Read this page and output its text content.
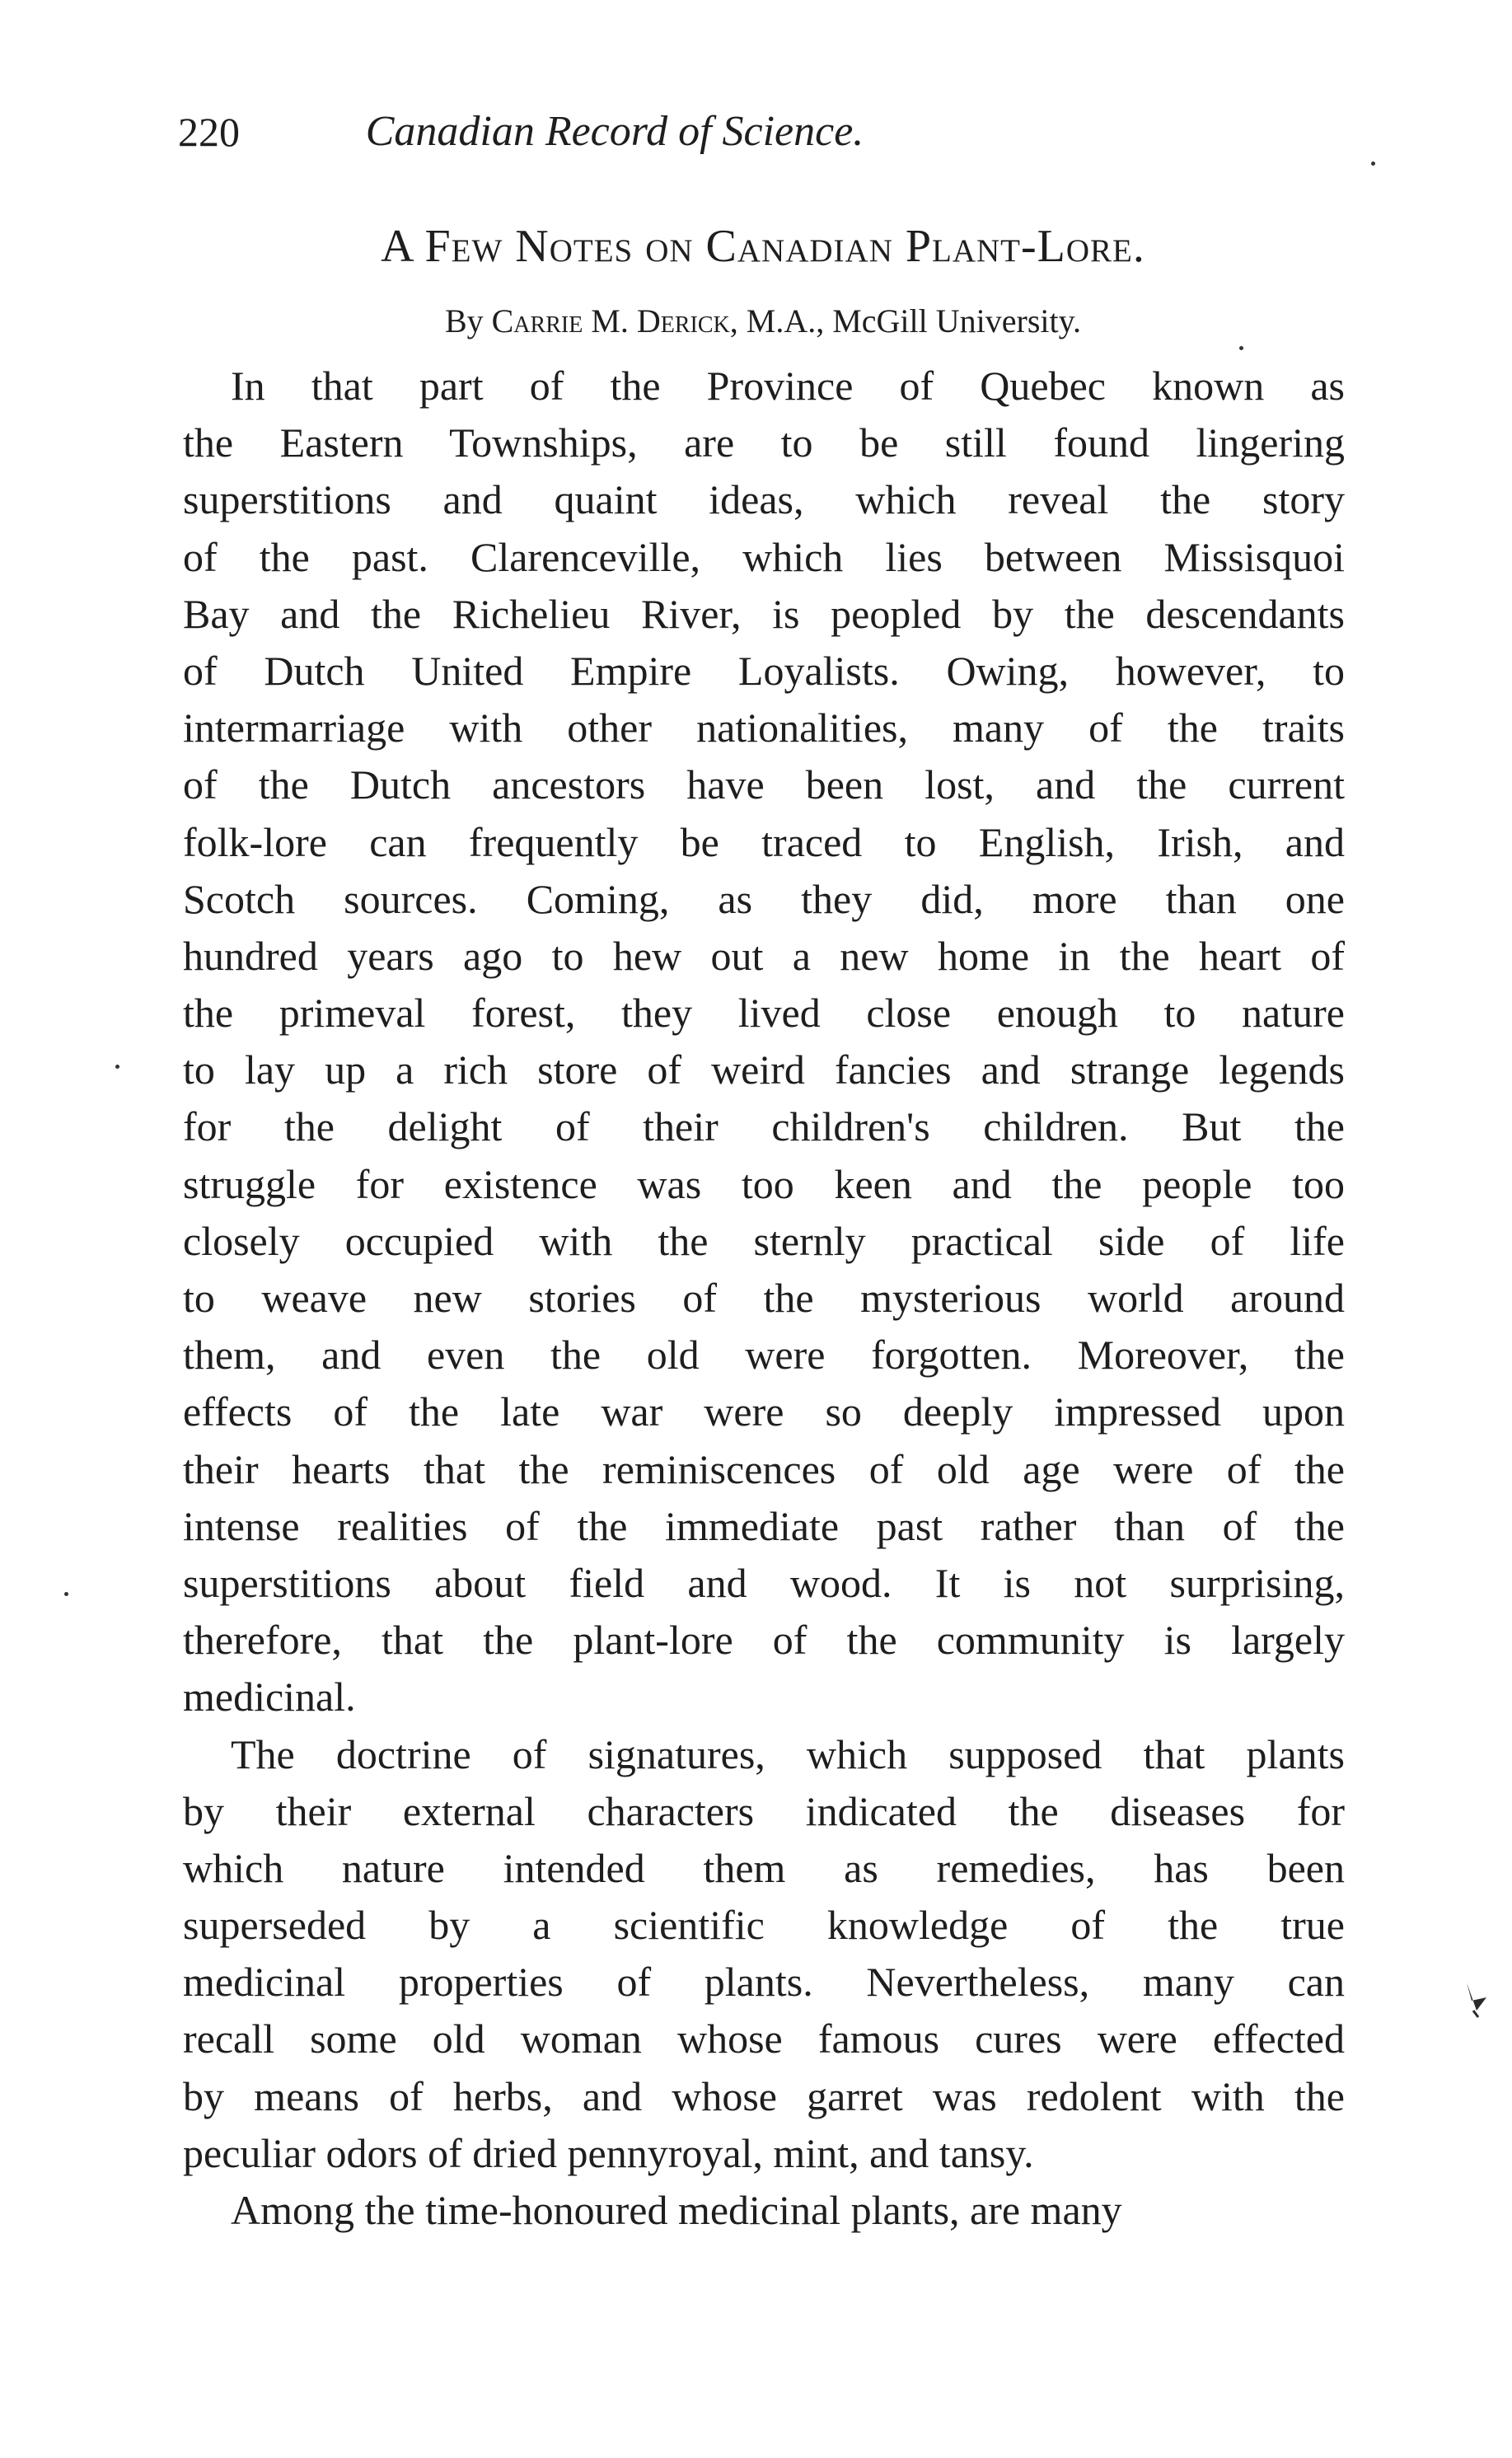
220	Canadian Record of Science.
A Few Notes on Canadian Plant-Lore.
By Carrie M. Derick, M.A., McGill University.
In that part of the Province of Quebec known as
the Eastern Townships, are to be still found lingering
superstitions and quaint ideas, which reveal the story
of the past. Clarenceville, which lies between Missisquoi
Bay and the Richelieu River, is peopled by the descendants
of Dutch United Empire Loyalists. Owing, however, to
intermarriage with other nationalities, many of the traits
of the Dutch ancestors have been lost, and the current
folk-lore can frequently be traced to English, Irish, and
Scotch sources. Coming, as they did, more than one
hundred years ago to hew out a new home in the heart of
the primeval forest, they lived close enough to nature
to lay up a rich store of weird fancies and strange legends
for the delight of their children's children. But the
struggle for existence was too keen and the people too
closely occupied with the sternly practical side of life
to weave new stories of the mysterious world around
them, and even the old were forgotten. Moreover, the
effects of the late war were so deeply impressed upon
their hearts that the reminiscences of old age were of the
intense realities of the immediate past rather than of the
superstitions about field and wood. It is not surprising,
therefore, that the plant-lore of the community is largely
medicinal.
The doctrine of signatures, which supposed that plants
by their external characters indicated the diseases for
which nature intended them as remedies, has been
superseded by a scientific knowledge of the true
medicinal properties of plants. Nevertheless, many can
recall some old woman whose famous cures were effected
by means of herbs, and whose garret was redolent with the
peculiar odors of dried pennyroyal, mint, and tansy.
Among the time-honoured medicinal plants, are many
